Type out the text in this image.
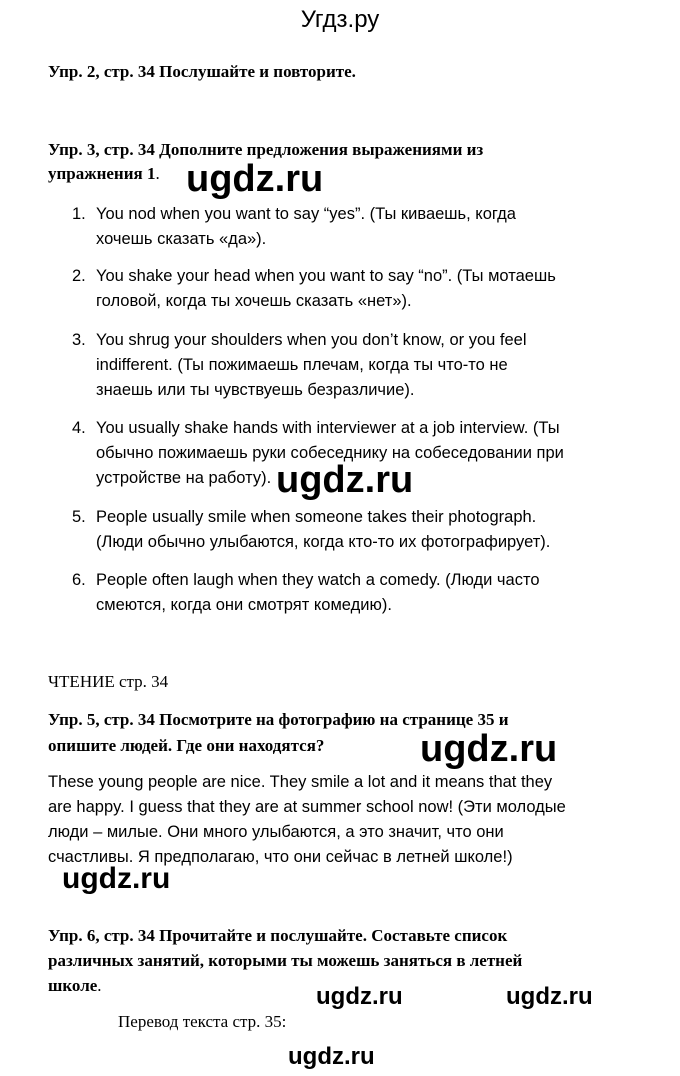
Угдз.ру
Упр. 2, стр. 34 Послушайте и повторите.
Упр. 3, стр. 34 Дополните предложения выражениями из
упражнения 1. ugdz.ru
1. You nod when you want to say “yes”. (Ты киваешь, когда
хочешь сказать «да»).
2. You shake your head when you want to say “no”. (Ты мотаешь
головой, когда ты хочешь сказать «нет»).
3. You shrug your shoulders when you don’t know, or you feel
indifferent. (Ты пожимаешь плечам, когда ты что-то не
знаешь или ты чувствуешь безразличие).
4. You usually shake hands with interviewer at a job interview. (Ты
обычно пожимаешь руки собеседнику на собеседовании при
устройстве на работу). ugdz.ru
5. People usually smile when someone takes their photograph.
(Люди обычно улыбаются, когда кто-то их фотографирует).
6. People often laugh when they watch a comedy. (Люди часто
смеются, когда они смотрят комедию).
ЧТЕНИЕ стр. 34
Упр. 5, стр. 34 Посмотрите на фотографию на странице 35 и
опишите людей. Где они находятся?	ugdz.ru
These young people are nice. They smile a lot and it means that they
are happy. I guess that they are at summer school now! (Эти молодые
люди – милые. Они много улыбаются, а это значит, что они
счастливы. Я предполагаю, что они сейчас в летней школе!)
ugdz.ru
Упр. 6, стр. 34 Прочитайте и послушайте. Составьте список
различных занятий, которыми ты можешь заняться в летней
школе.	ugdz.ru	ugdz.ru
Перевод текста стр. 35:
ugdz.ru
